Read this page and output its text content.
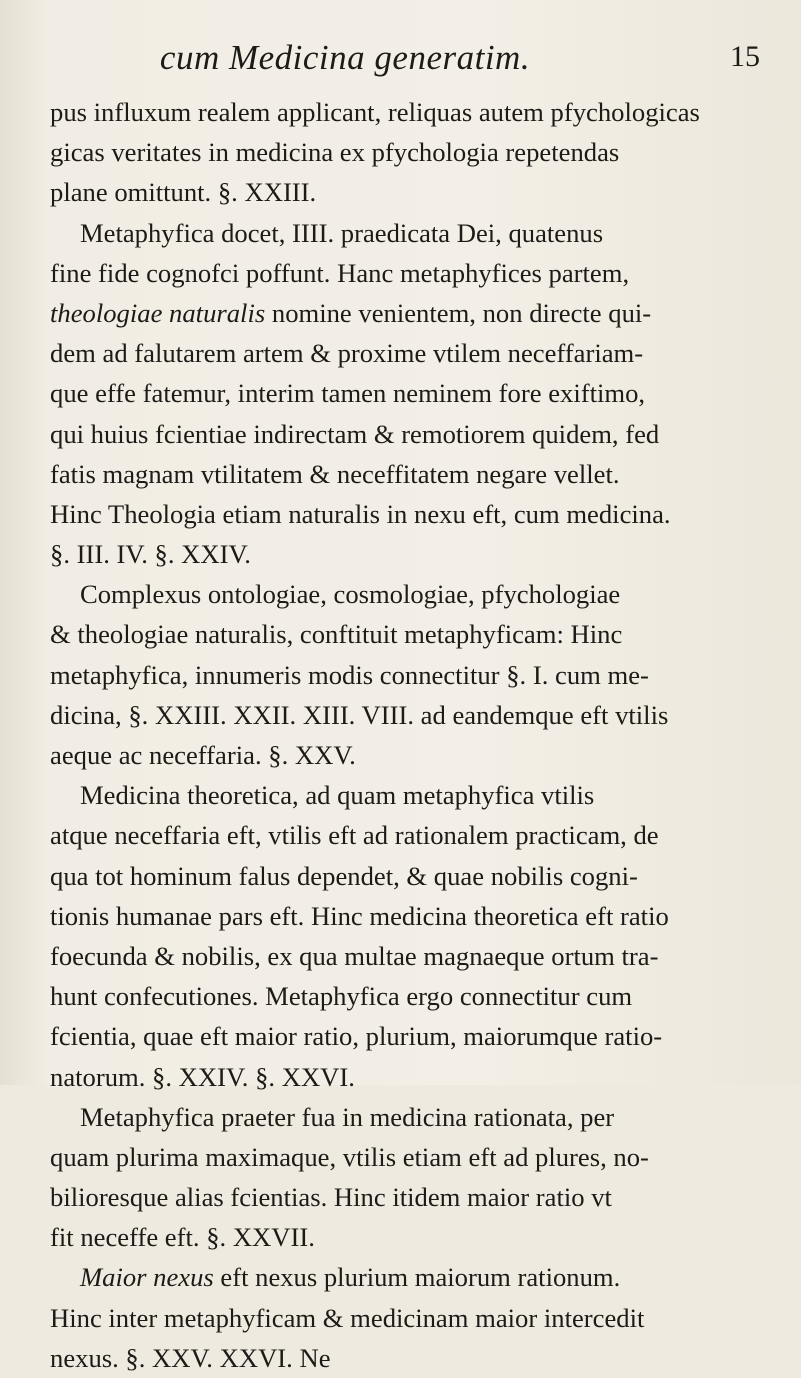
cum Medicina generatim.	15
pus influxum realem applicant, reliquas autem pfychologicas
gicas veritates in medicina ex pfychologia repetendas
plane omittunt. §. XXIII.
Metaphyfica docet, IIII. praedicata Dei, quatenus
fine fide cognofci poffunt. Hanc metaphyfices partem,
theologiae naturalis nomine venientem, non directe qui-
dem ad falutarem artem & proxime vtilem neceffariam-
que effe fatemur, interim tamen neminem fore exiftimo,
qui huius fcientiae indirectam & remotiorem quidem, fed
fatis magnam vtilitatem & neceffitatem negare vellet.
Hinc Theologia etiam naturalis in nexu eft, cum medicina.
§. III. IV. §. XXIV.
Complexus ontologiae, cosmologiae, pfychologiae
& theologiae naturalis, conftituit metaphyficam: Hinc
metaphyfica, innumeris modis connectitur §. I. cum me-
dicina, §. XXIII. XXII. XIII. VIII. ad eandemque eft vtilis
aeque ac neceffaria. §. XXV.
Medicina theoretica, ad quam metaphyfica vtilis
atque neceffaria eft, vtilis eft ad rationalem practicam, de
qua tot hominum falus dependet, & quae nobilis cogni-
tionis humanae pars eft. Hinc medicina theoretica eft ratio
foecunda & nobilis, ex qua multae magnaeque ortum tra-
hunt confecutiones. Metaphyfica ergo connectitur cum
fcientia, quae eft maior ratio, plurium, maiorumque ratio-
natorum. §. XXIV. §. XXVI.
Metaphyfica praeter fua in medicina rationata, per
quam plurima maximaque, vtilis etiam eft ad plures, no-
bilioresque alias fcientias. Hinc itidem maior ratio vt
fit neceffe eft. §. XXVII.
Maior nexus eft nexus plurium maiorum rationum.
Hinc inter metaphyficam & medicinam maior intercedit
nexus. §. XXV. XXVI. Ne
